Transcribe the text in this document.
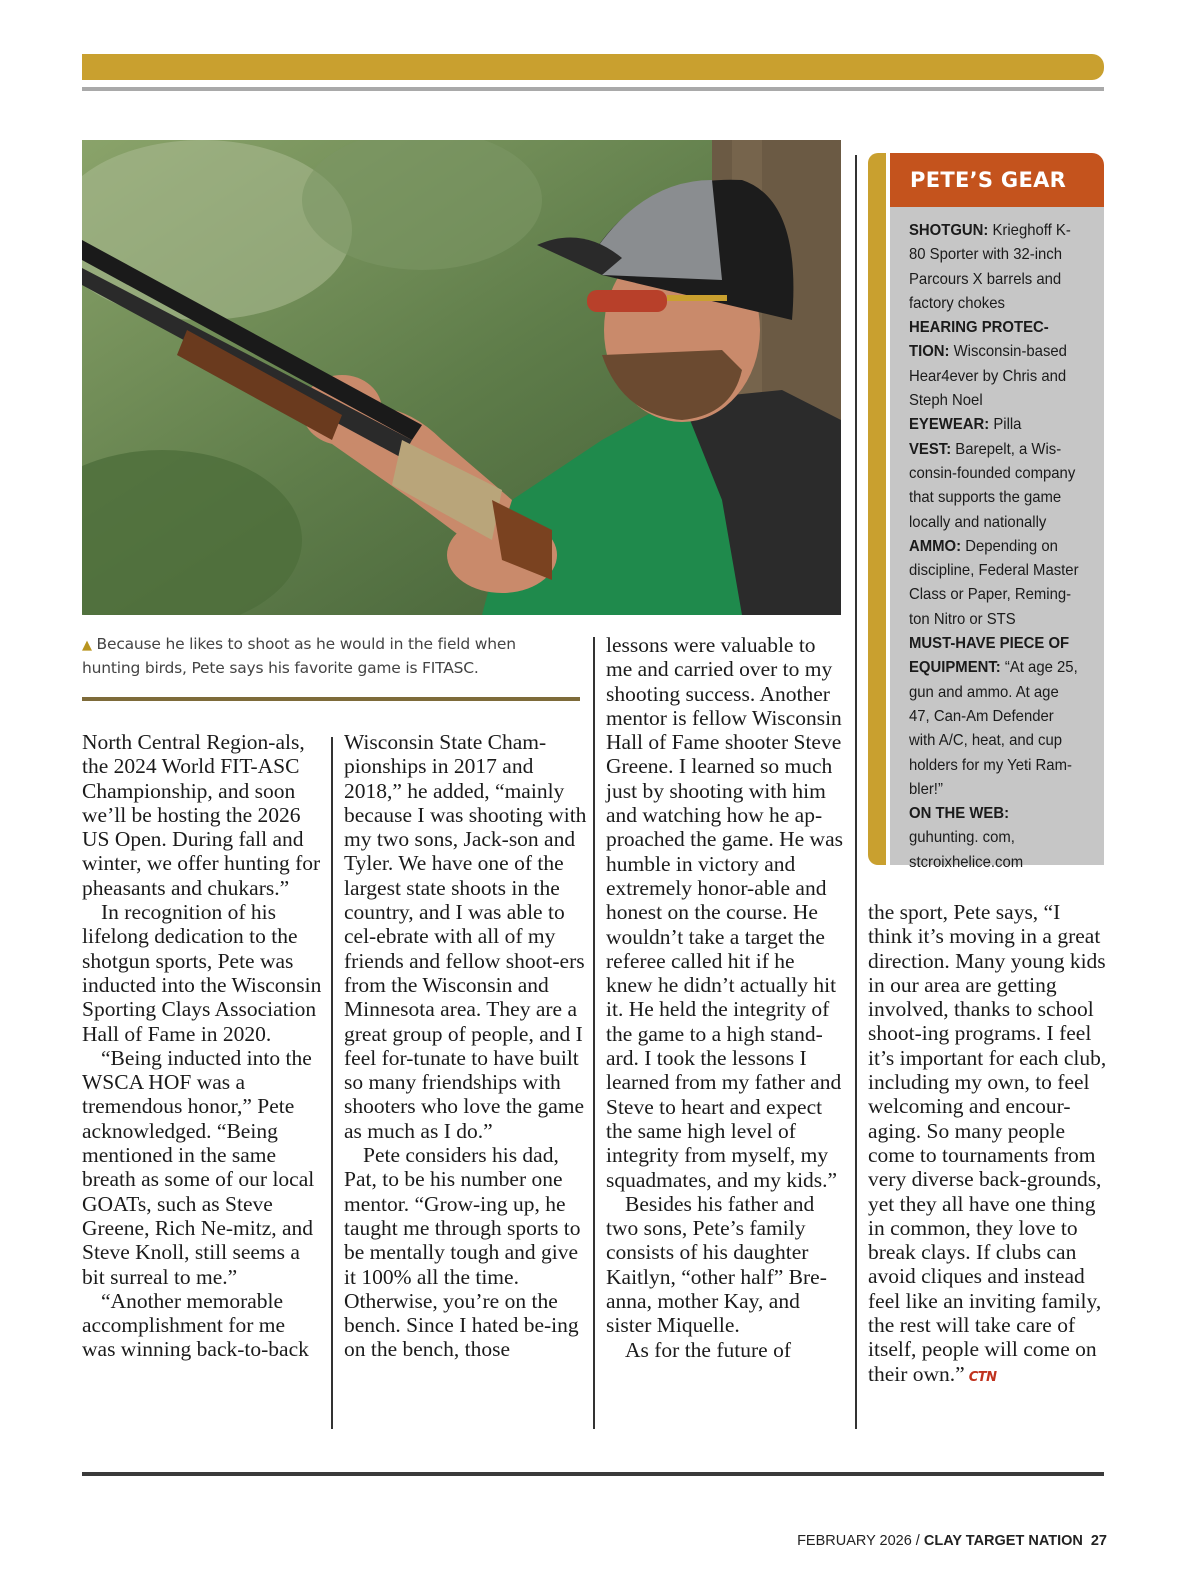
▲ Because he likes to shoot as he would in the field when
hunting birds, Pete says his favorite game is FITASC.

North Central Region-als, the 2024 World FIT-ASC Championship, and soon we’ll be hosting the 2026 US Open. During fall and winter, we offer hunting for pheasants and chukars.”

In recognition of his lifelong dedication to the shotgun sports, Pete was inducted into the Wisconsin Sporting Clays Association Hall of Fame in 2020.

“Being inducted into the WSCA HOF was a tremendous honor,” Pete acknowledged. “Being mentioned in the same breath as some of our local GOATs, such as Steve Greene, Rich Ne-mitz, and Steve Knoll, still seems a bit surreal to me.”

“Another memorable accomplishment for me was winning back-to-back

Wisconsin State Cham-pionships in 2017 and 2018,” he added, “mainly because I was shooting with my two sons, Jack-son and Tyler. We have one of the largest state shoots in the country, and I was able to cel-ebrate with all of my friends and fellow shoot-ers from the Wisconsin and Minnesota area. They are a great group of people, and I feel for-tunate to have built so many friendships with shooters who love the game as much as I do.”

Pete considers his dad, Pat, to be his number one mentor. “Grow-ing up, he taught me through sports to be mentally tough and give it 100% all the time. Otherwise, you’re on the bench. Since I hated be-ing on the bench, those

lessons were valuable to me and carried over to my shooting success. Another mentor is fellow Wisconsin Hall of Fame shooter Steve Greene. I learned so much just by shooting with him and watching how he ap-proached the game. He was humble in victory and extremely honor-able and honest on the course. He wouldn’t take a target the referee called hit if he knew he didn’t actually hit it. He held the integrity of the game to a high stand-ard. I took the lessons I learned from my father and Steve to heart and expect the same high level of integrity from myself, my squadmates, and my kids.”

Besides his father and two sons, Pete’s family consists of his daughter Kaitlyn, “other half” Bre-anna, mother Kay, and sister Miquelle.

As for the future of

the sport, Pete says, “I think it’s moving in a great direction. Many young kids in our area are getting involved, thanks to school shoot-ing programs. I feel it’s important for each club, including my own, to feel welcoming and encour-aging. So many people come to tournaments from very diverse back-grounds, yet they all have one thing in common, they love to break clays. If clubs can avoid cliques and instead feel like an inviting family, the rest will take care of itself, people will come on their own.” CTN

PETE’S GEAR

SHOTGUN: Krieghoff K-80 Sporter with 32-inch Parcours X barrels and factory chokes

HEARING PROTEC-TION: Wisconsin-based Hear4ever by Chris and Steph Noel

EYEWEAR: Pilla

VEST: Barepelt, a Wis-consin-founded company that supports the game locally and nationally

AMMO: Depending on discipline, Federal Master Class or Paper, Reming-ton Nitro or STS

MUST-HAVE PIECE OF EQUIPMENT: “At age 25, gun and ammo. At age 47, Can-Am Defender with A/C, heat, and cup holders for my Yeti Ram-bler!”

ON THE WEB: guhunting. com, stcroixhelice.com

FEBRUARY 2026 / CLAY TARGET NATION 27
